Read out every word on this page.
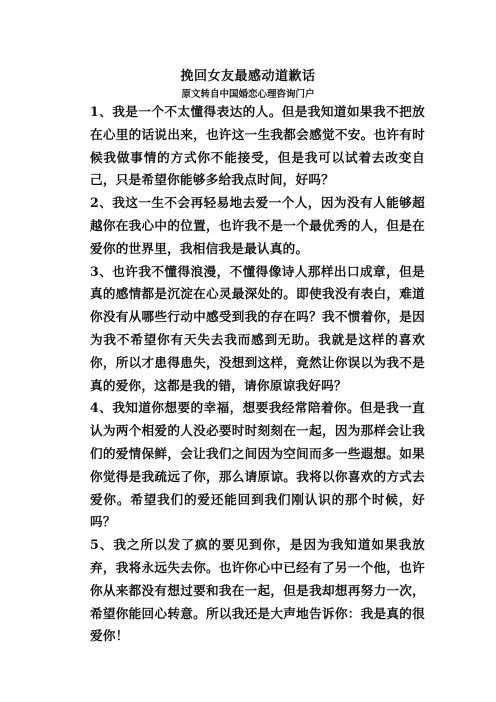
挽回女友最感动道歉话
原文转自中国婚恋心理咨询门户

1、我是一个不太懂得表达的人。但是我知道如果我不把放在心里的话说出来，也许这一生我都会感觉不安。也许有时候我做事情的方式你不能接受，但是我可以试着去改变自己，只是希望你能够多给我点时间，好吗？

2、我这一生不会再轻易地去爱一个人，因为没有人能够超越你在我心中的位置，也许我不是一个最优秀的人，但是在爱你的世界里，我相信我是最认真的。

3、也许我不懂得浪漫，不懂得像诗人那样出口成章，但是真的感情都是沉淀在心灵最深处的。即使我没有表白，难道你没有从哪些行动中感受到我的存在吗？我不惯着你，是因为我不希望你有天失去我而感到无助。我就是这样的喜欢你，所以才患得患失，没想到这样，竟然让你误以为我不是真的爱你，这都是我的错，请你原谅我好吗？

4、我知道你想要的幸福，想要我经常陪着你。但是我一直认为两个相爱的人没必要时时刻刻在一起，因为那样会让我们的爱情保鲜，会让我们之间因为空间而多一些遐想。如果你觉得是我疏远了你，那么请原谅。我将以你喜欢的方式去爱你。希望我们的爱还能回到我们刚认识的那个时候，好吗？

5、我之所以发了疯的要见到你，是因为我知道如果我放弃，我将永远失去你。也许你心中已经有了另一个他，也许你从来都没有想过要和我在一起，但是我却想再努力一次，希望你能回心转意。所以我还是大声地告诉你：我是真的很爱你！
